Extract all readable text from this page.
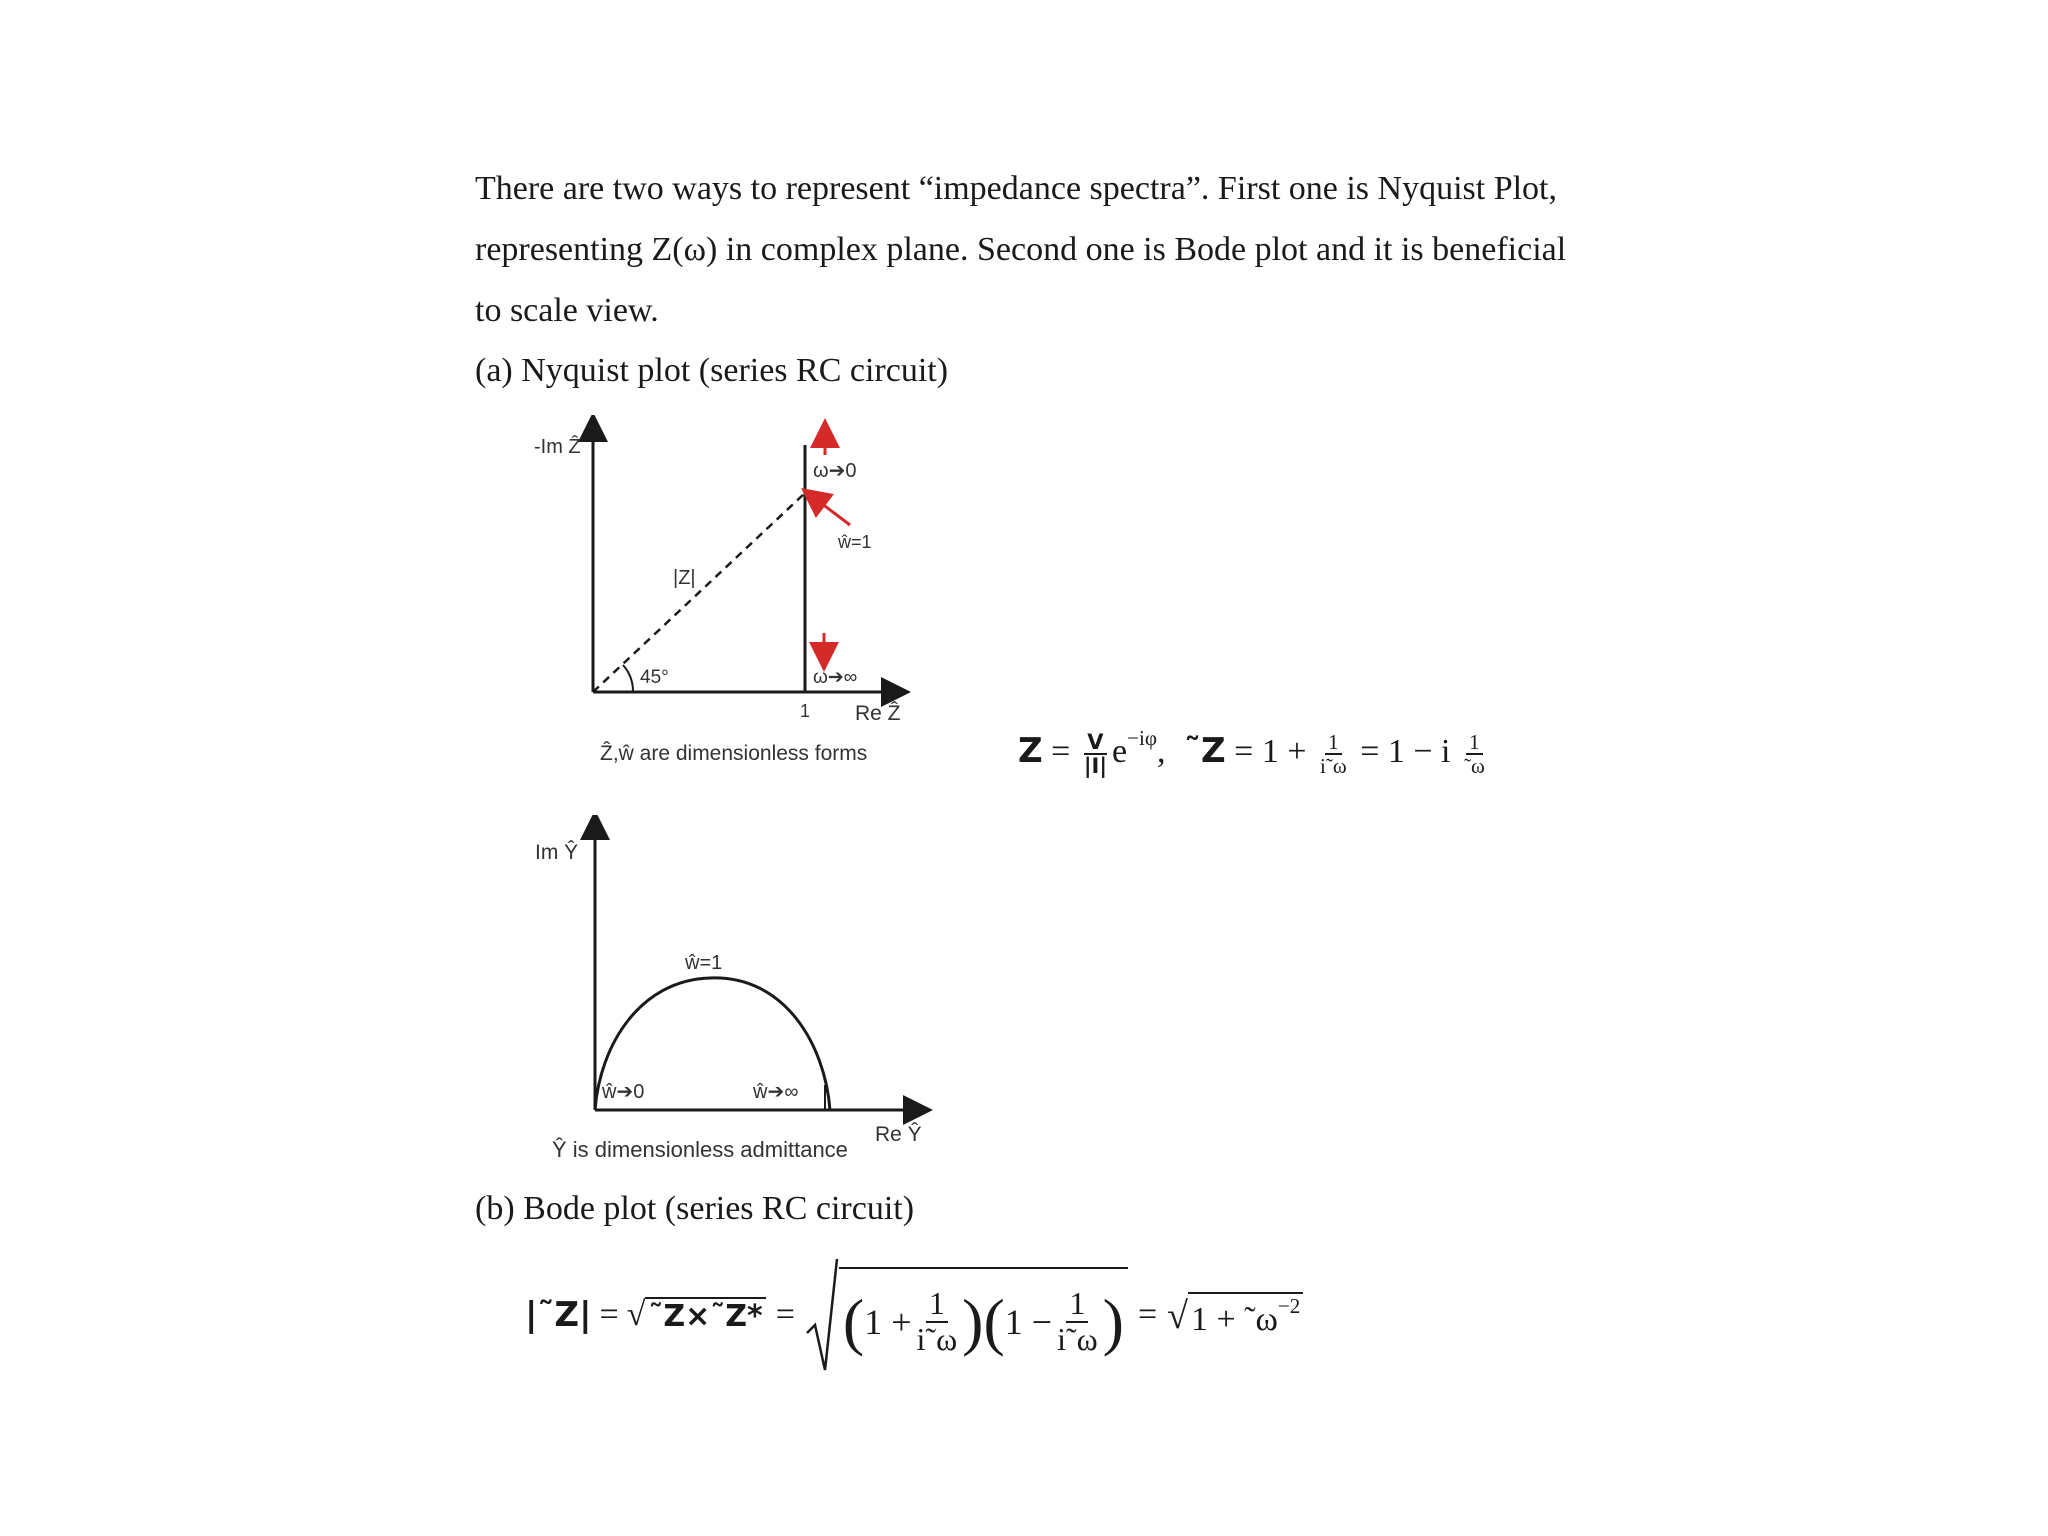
There are two ways to represent “impedance spectra”. First one is Nyquist Plot,
representing Z(ω) in complex plane. Second one is Bode plot and it is beneficial
to scale view.
(a) Nyquist plot (series RC circuit)
-Im Ẑ
Re Ẑ
1
|Z|
45°
ω➔0
ŵ=1
ω➔∞
Ẑ,ŵ are dimensionless forms	$Z = \frac{V}{|I|} e^{-i\varphi}$, ˜Z = $1 + \frac{1}{i˜\omega} = 1 - i \frac{1}{˜\omega}$
Im Ŷ
Re Ŷ
ŵ=1
ŵ➔0	ŵ➔∞
Ŷ is dimensionless admittance
(b) Bode plot (series RC circuit)
|˜Z| = √ ˜Z×˜Z* = ( $1 + \frac{1}{i˜\omega}$ ) ( $1 - \frac{1}{i˜\omega}$ ) = √ $1 + ˜\omega^{-2}$
